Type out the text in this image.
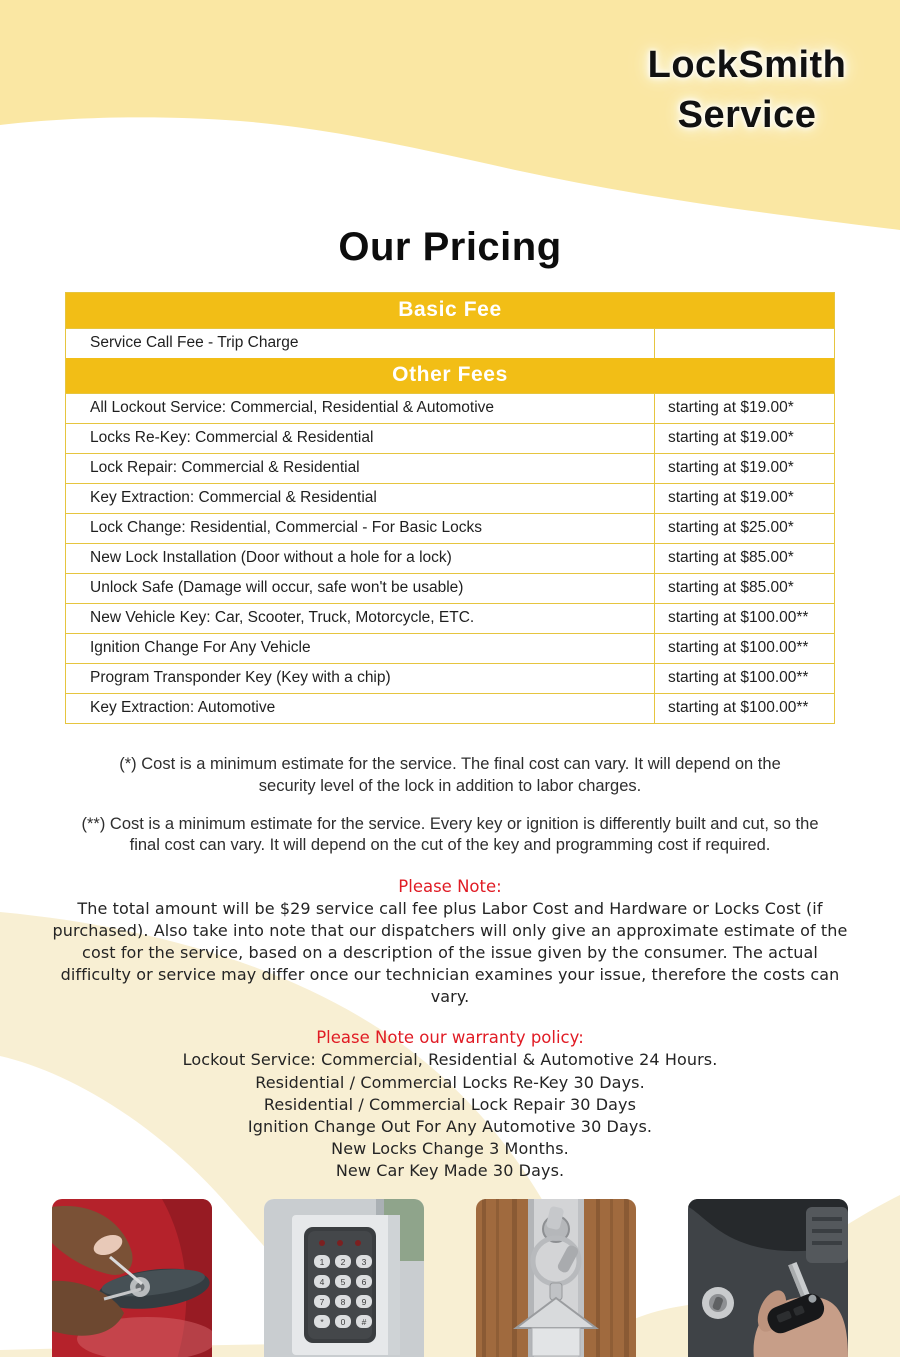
LockSmith
Service
Our Pricing
Basic Fee
Service Call Fee - Trip Charge
Other Fees
All Lockout Service: Commercial, Residential & Automotive	starting at $19.00*
Locks Re-Key: Commercial & Residential	starting at $19.00*
Lock Repair: Commercial & Residential	starting at $19.00*
Key Extraction: Commercial & Residential	starting at $19.00*
Lock Change: Residential, Commercial - For Basic Locks	starting at $25.00*
New Lock Installation (Door without a hole for a lock)	starting at $85.00*
Unlock Safe (Damage will occur, safe won't be usable)	starting at $85.00*
New Vehicle Key: Car, Scooter, Truck, Motorcycle, ETC.	starting at $100.00**
Ignition Change For Any Vehicle	starting at $100.00**
Program Transponder Key (Key with a chip)	starting at $100.00**
Key Extraction: Automotive	starting at $100.00**

(*) Cost is a minimum estimate for the service. The final cost can vary. It will depend on the security level of the lock in addition to labor charges.

(**) Cost is a minimum estimate for the service. Every key or ignition is differently built and cut, so the final cost can vary. It will depend on the cut of the key and programming cost if required.

Please Note:

The total amount will be $29 service call fee plus Labor Cost and Hardware or Locks Cost (if purchased). Also take into note that our dispatchers will only give an approximate estimate of the cost for the service, based on a description of the issue given by the consumer. The actual difficulty or service may differ once our technician examines your issue, therefore the costs can vary.

Please Note our warranty policy:
Lockout Service: Commercial, Residential & Automotive 24 Hours.
Residential / Commercial Locks Re-Key 30 Days.
Residential / Commercial Lock Repair 30 Days
Ignition Change Out For Any Automotive 30 Days.
New Locks Change 3 Months.
New Car Key Made 30 Days.
1 2 3
4 5 6
7 8 9
* 0 #
